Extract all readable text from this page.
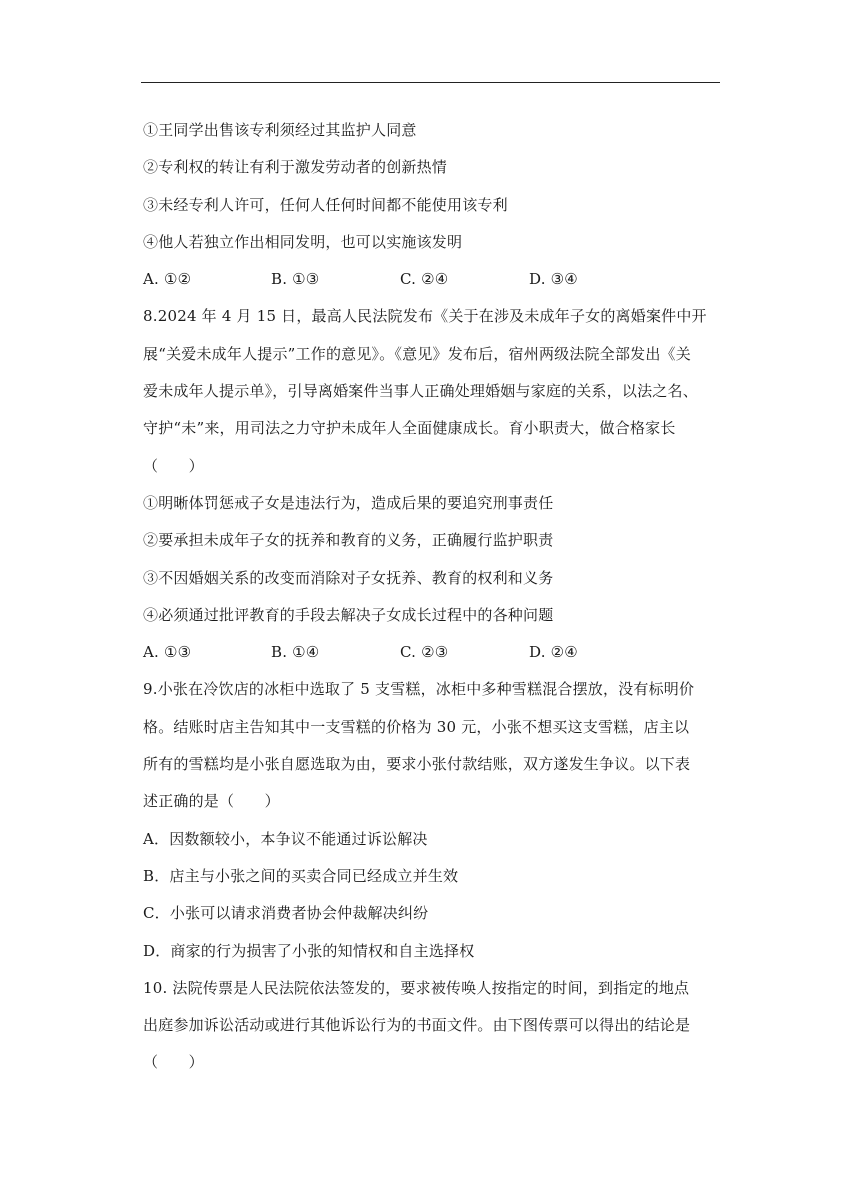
①王同学出售该专利须经过其监护人同意
②专利权的转让有利于激发劳动者的创新热情
③未经专利人许可，任何人任何时间都不能使用该专利
④他人若独立作出相同发明，也可以实施该发明
A. ①②	B. ①③	C. ②④	D. ③④
8.2024 年 4 月 15 日，最高人民法院发布《关于在涉及未成年子女的离婚案件中开
展“关爱未成年人提示”工作的意见》。《意见》发布后，宿州两级法院全部发出《关
爱未成年人提示单》，引导离婚案件当事人正确处理婚姻与家庭的关系，以法之名、
守护“未”来，用司法之力守护未成年人全面健康成长。育小职责大，做合格家长
（　　）
①明晰体罚惩戒子女是违法行为，造成后果的要追究刑事责任
②要承担未成年子女的抚养和教育的义务，正确履行监护职责
③不因婚姻关系的改变而消除对子女抚养、教育的权利和义务
④必须通过批评教育的手段去解决子女成长过程中的各种问题
A. ①③	B. ①④	C. ②③	D. ②④
9.小张在冷饮店的冰柜中选取了 5 支雪糕，冰柜中多种雪糕混合摆放，没有标明价
格。结账时店主告知其中一支雪糕的价格为 30 元，小张不想买这支雪糕，店主以
所有的雪糕均是小张自愿选取为由，要求小张付款结账，双方遂发生争议。以下表
述正确的是（　　）
A．因数额较小，本争议不能通过诉讼解决
B．店主与小张之间的买卖合同已经成立并生效
C．小张可以请求消费者协会仲裁解决纠纷
D．商家的行为损害了小张的知情权和自主选择权
10. 法院传票是人民法院依法签发的，要求被传唤人按指定的时间，到指定的地点
出庭参加诉讼活动或进行其他诉讼行为的书面文件。由下图传票可以得出的结论是
（　　）
